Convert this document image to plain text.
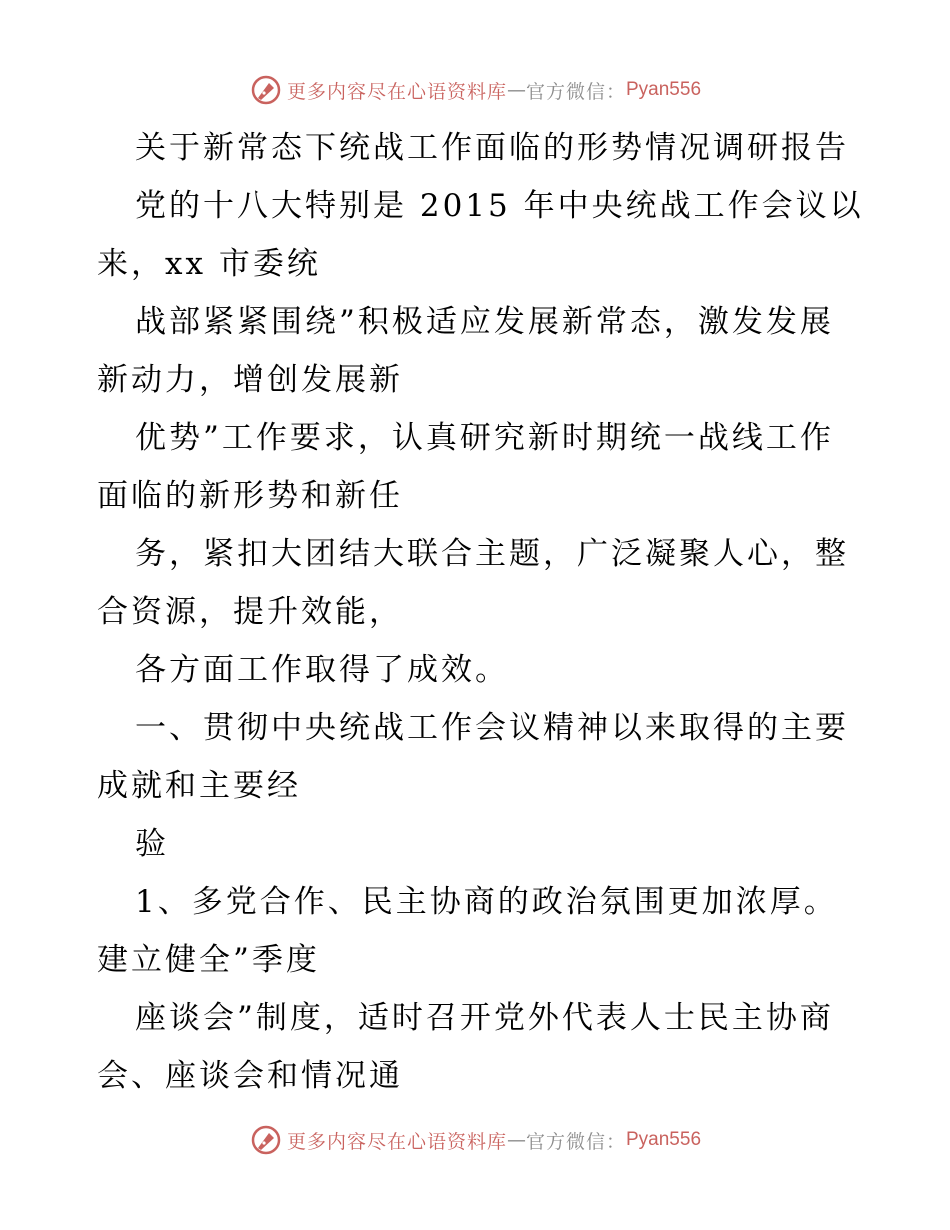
更多内容尽在心语资料库 — 官方微信： Pyan556
关于新常态下统战工作面临的形势情况调研报告
党的十八大特别是 2015 年中央统战工作会议以
来，xx 市委统
战部紧紧围绕”积极适应发展新常态，激发发展
新动力，增创发展新
优势”工作要求，认真研究新时期统一战线工作
面临的新形势和新任
务，紧扣大团结大联合主题，广泛凝聚人心，整
合资源，提升效能，
各方面工作取得了成效。
一、贯彻中央统战工作会议精神以来取得的主要
成就和主要经
验
1、多党合作、民主协商的政治氛围更加浓厚。
建立健全”季度
座谈会”制度，适时召开党外代表人士民主协商
会、座谈会和情况通
更多内容尽在心语资料库 — 官方微信： Pyan556
